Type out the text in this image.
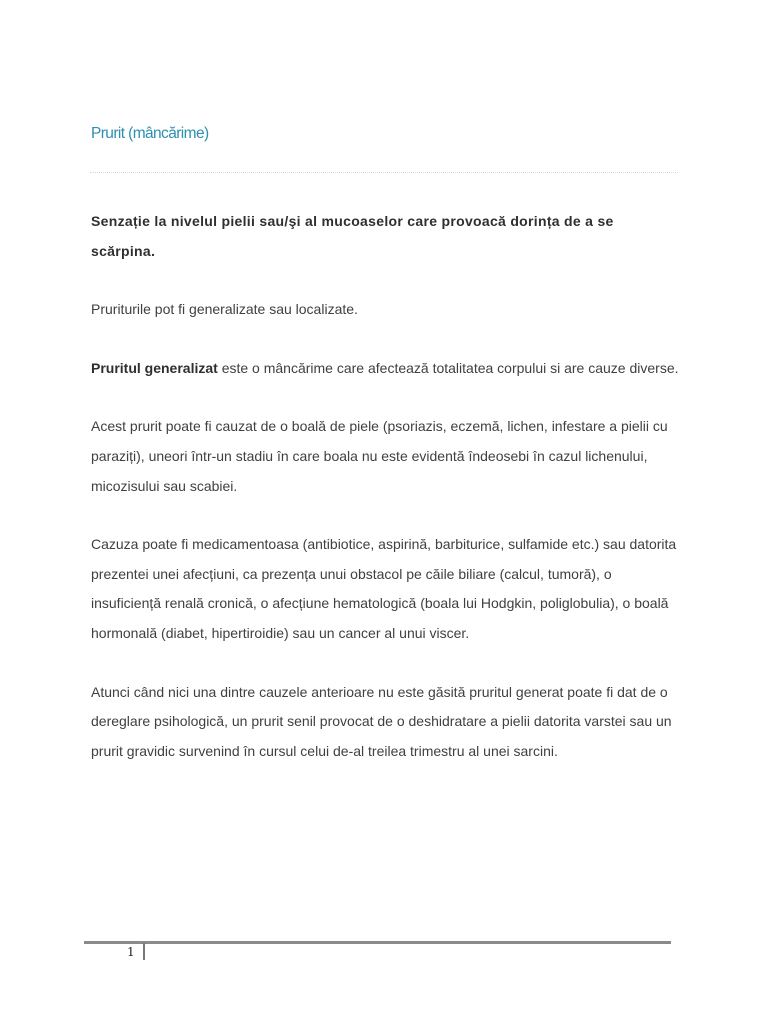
Prurit (mâncărime)

Senzație la nivelul pielii sau/şi al mucoaselor care provoacă dorința de a se scărpina.

Pruriturile pot fi generalizate sau localizate.

Pruritul generalizat este o mâncărime care afectează totalitatea corpului si are cauze diverse.

Acest prurit poate fi cauzat de o boală de piele (psoriazis, eczemă, lichen, infestare a pielii cu paraziți), uneori într-un stadiu în care boala nu este evidentă îndeosebi în cazul lichenului, micozisului sau scabiei.

Cazuza poate fi medicamentoasa (antibiotice, aspirină, barbiturice, sulfamide etc.) sau datorita prezentei unei afecțiuni, ca prezența unui obstacol pe căile biliare (calcul, tumoră), o insuficiență renală cronică, o afecțiune hematologică (boala lui Hodgkin, poliglobulia), o boală hormonală (diabet, hipertiroidie) sau un cancer al unui viscer.

Atunci când nici una dintre cauzele anterioare nu este găsită pruritul generat poate fi dat de o dereglare psihologică, un prurit senil provocat de o deshidratare a pielii datorita varstei sau un prurit gravidic survenind în cursul celui de-al treilea trimestru al unei sarcini.

1
